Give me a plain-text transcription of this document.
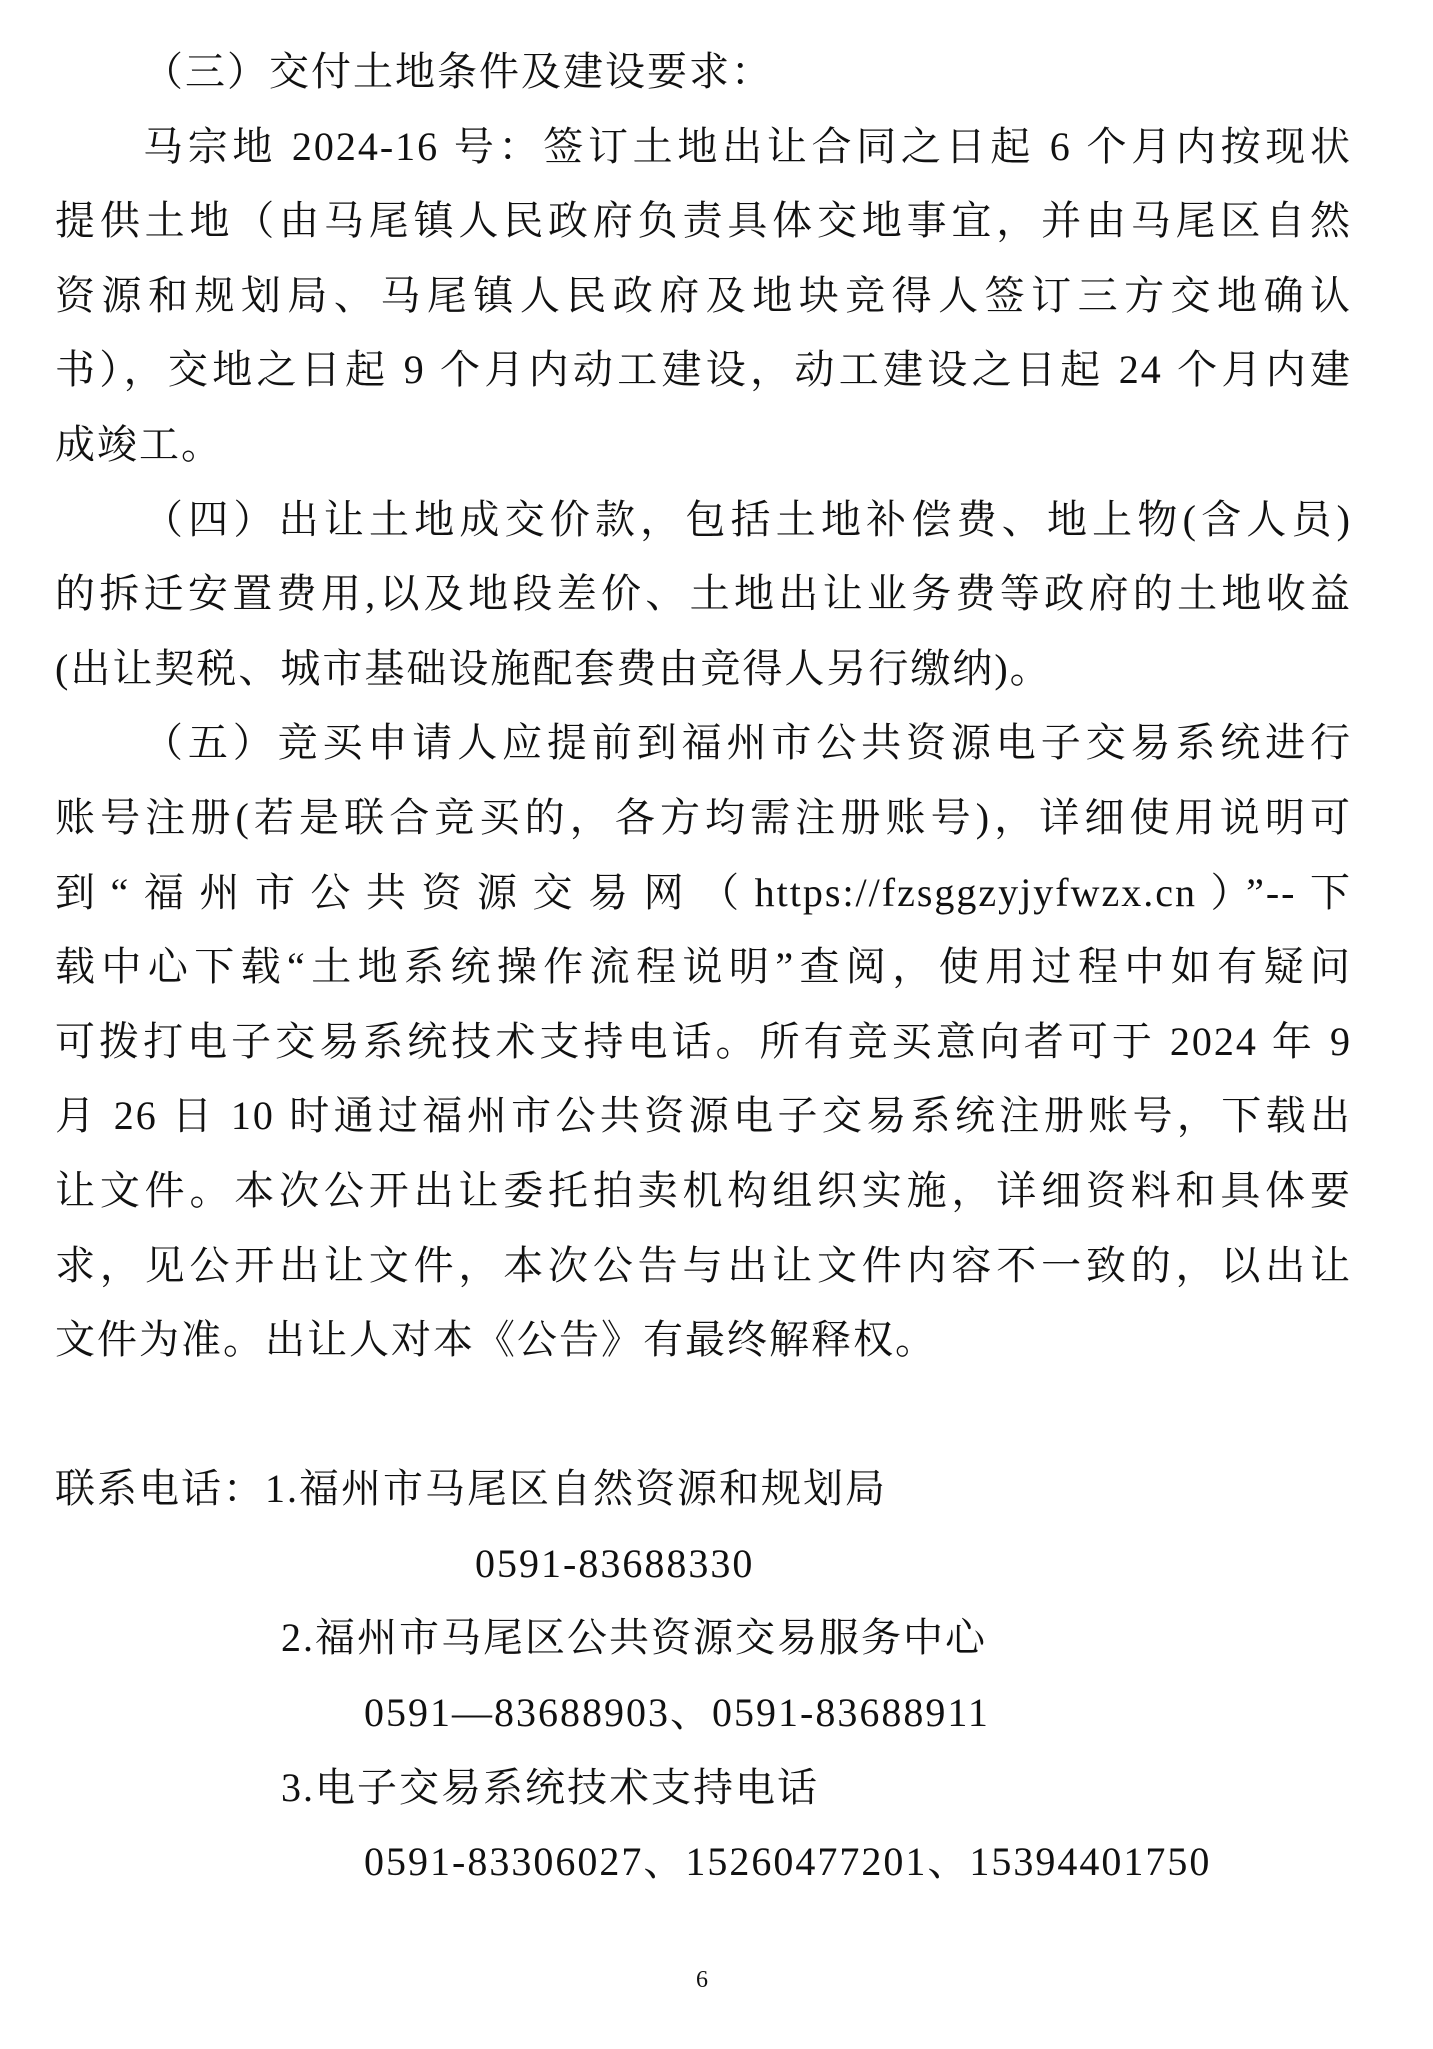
（三）交付土地条件及建设要求：
马宗地 2024-16 号：签订土地出让合同之日起 6 个月内按现状
提供土地（由马尾镇人民政府负责具体交地事宜，并由马尾区自然
资源和规划局、马尾镇人民政府及地块竞得人签订三方交地确认
书），交地之日起 9 个月内动工建设，动工建设之日起 24 个月内建
成竣工。
（四）出让土地成交价款，包括土地补偿费、地上物(含人员)
的拆迁安置费用,以及地段差价、土地出让业务费等政府的土地收益
(出让契税、城市基础设施配套费由竞得人另行缴纳)。
（五）竞买申请人应提前到福州市公共资源电子交易系统进行
账号注册(若是联合竞买的，各方均需注册账号)，详细使用说明可
到“福州市公共资源交易网（https://fzsggzyjyfwzx.cn）”--下
载中心下载“土地系统操作流程说明”查阅，使用过程中如有疑问
可拨打电子交易系统技术支持电话。所有竞买意向者可于 2024 年 9
月 26 日 10 时通过福州市公共资源电子交易系统注册账号，下载出
让文件。本次公开出让委托拍卖机构组织实施，详细资料和具体要
求，见公开出让文件，本次公告与出让文件内容不一致的，以出让
文件为准。出让人对本《公告》有最终解释权。
联系电话：1.福州市马尾区自然资源和规划局
0591-83688330
2.福州市马尾区公共资源交易服务中心
0591—83688903、0591-83688911
3.电子交易系统技术支持电话
0591-83306027、15260477201、15394401750
6
